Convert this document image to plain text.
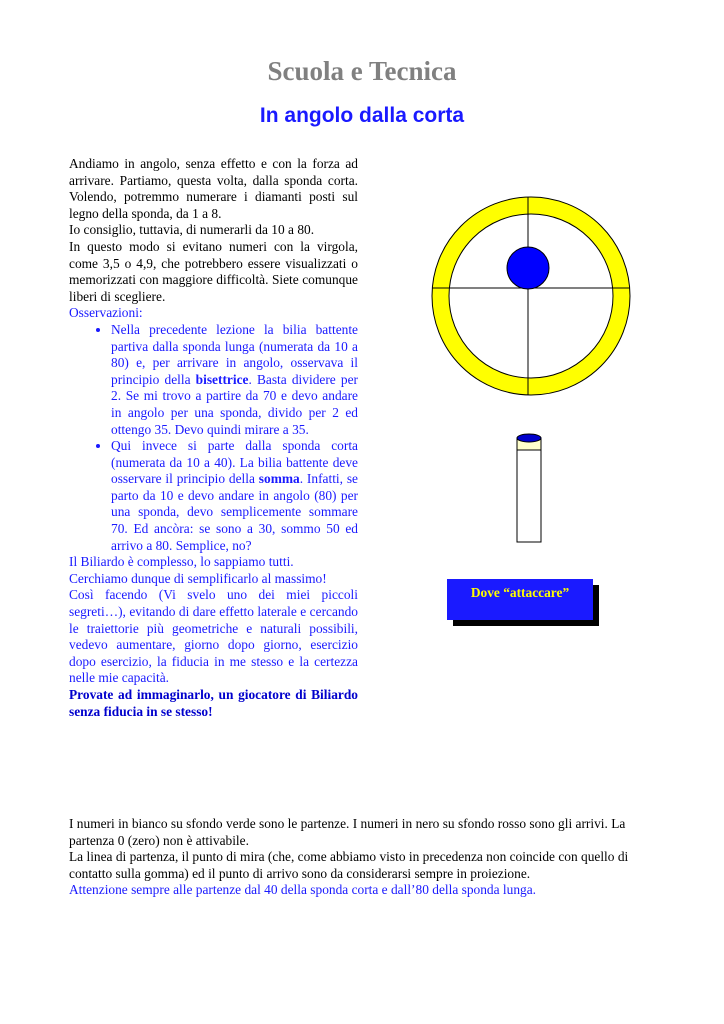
Scuola e Tecnica
In angolo dalla corta

Andiamo in angolo, senza effetto e con la forza ad arrivare. Partiamo, questa volta, dalla sponda corta. Volendo, potremmo numerare i diamanti posti sul legno della sponda, da 1 a 8.

Io consiglio, tuttavia, di numerarli da 10 a 80.

In questo modo si evitano numeri con la virgola, come 3,5 o 4,9, che potrebbero essere visualizzati o memorizzati con maggiore difficoltà. Siete comunque liberi di scegliere.

Osservazioni:

• Nella precedente lezione la bilia battente partiva dalla sponda lunga (numerata da 10 a 80) e, per arrivare in angolo, osservava il principio della bisettrice. Basta dividere per 2. Se mi trovo a partire da 70 e devo andare in angolo per una sponda, divido per 2 ed ottengo 35. Devo quindi mirare a 35.
• Qui invece si parte dalla sponda corta (numerata da 10 a 40). La bilia battente deve osservare il principio della somma. Infatti, se parto da 10 e devo andare in angolo (80) per una sponda, devo semplicemente sommare 70. Ed ancòra: se sono a 30, sommo 50 ed arrivo a 80. Semplice, no?

Il Biliardo è complesso, lo sappiamo tutti.

Cerchiamo dunque di semplificarlo al massimo!

Così facendo (Vi svelo uno dei miei piccoli segreti…), evitando di dare effetto laterale e cercando le traiettorie più geometriche e naturali possibili, vedevo aumentare, giorno dopo giorno, esercizio dopo esercizio, la fiducia in me stesso e la certezza nelle mie capacità.

Provate ad immaginarlo, un giocatore di Biliardo senza fiducia in se stesso!

Dove “attaccare”

I numeri in bianco su sfondo verde sono le partenze. I numeri in nero su sfondo rosso sono gli arrivi. La partenza 0 (zero) non è attivabile.

La linea di partenza, il punto di mira (che, come abbiamo visto in precedenza non coincide con quello di contatto sulla gomma) ed il punto di arrivo sono da considerarsi sempre in proiezione.

Attenzione sempre alle partenze dal 40 della sponda corta e dall’80 della sponda lunga.
